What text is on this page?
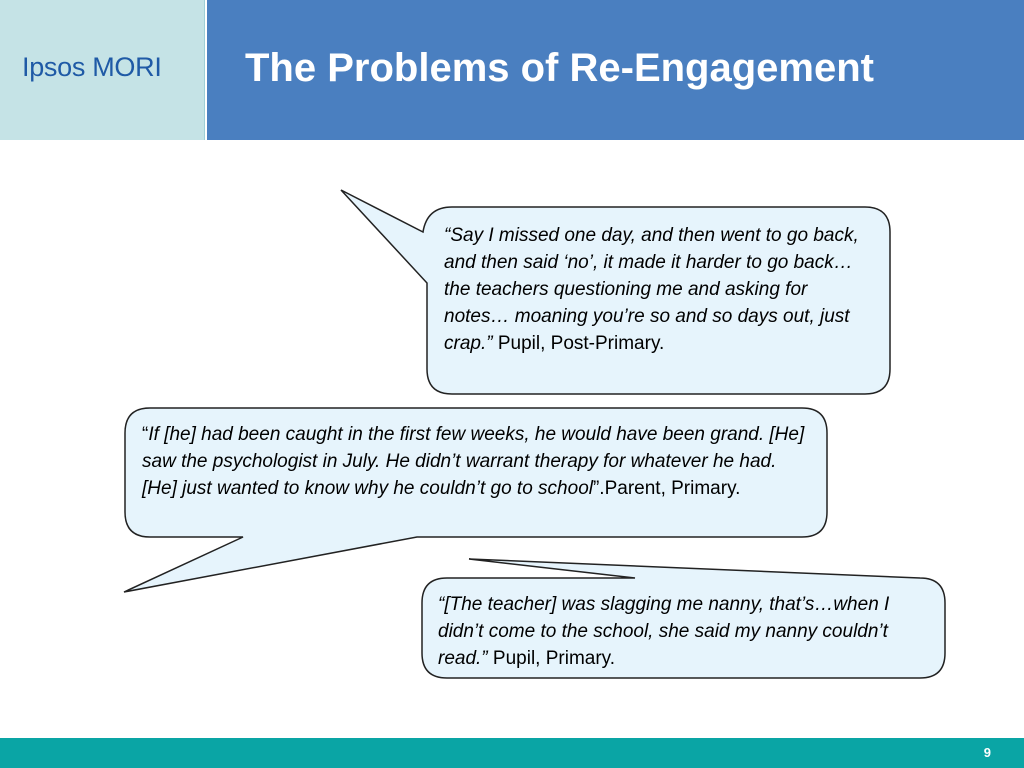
Ipsos MORI The Problems of Re-Engagement

“Say I missed one day, and then went to go back, and then said ‘no’, it made it harder to go back…the teachers questioning me and asking for notes… moaning you’re so and so days out, just crap.” Pupil, Post-Primary.

“If [he] had been caught in the first few weeks, he would have been grand. [He] saw the psychologist in July. He didn’t warrant therapy for whatever he had. [He] just wanted to know why he couldn’t go to school”.Parent, Primary.

“[The teacher] was slagging me nanny, that’s…when I didn’t come to the school, she said my nanny couldn’t read.” Pupil, Primary.

9
